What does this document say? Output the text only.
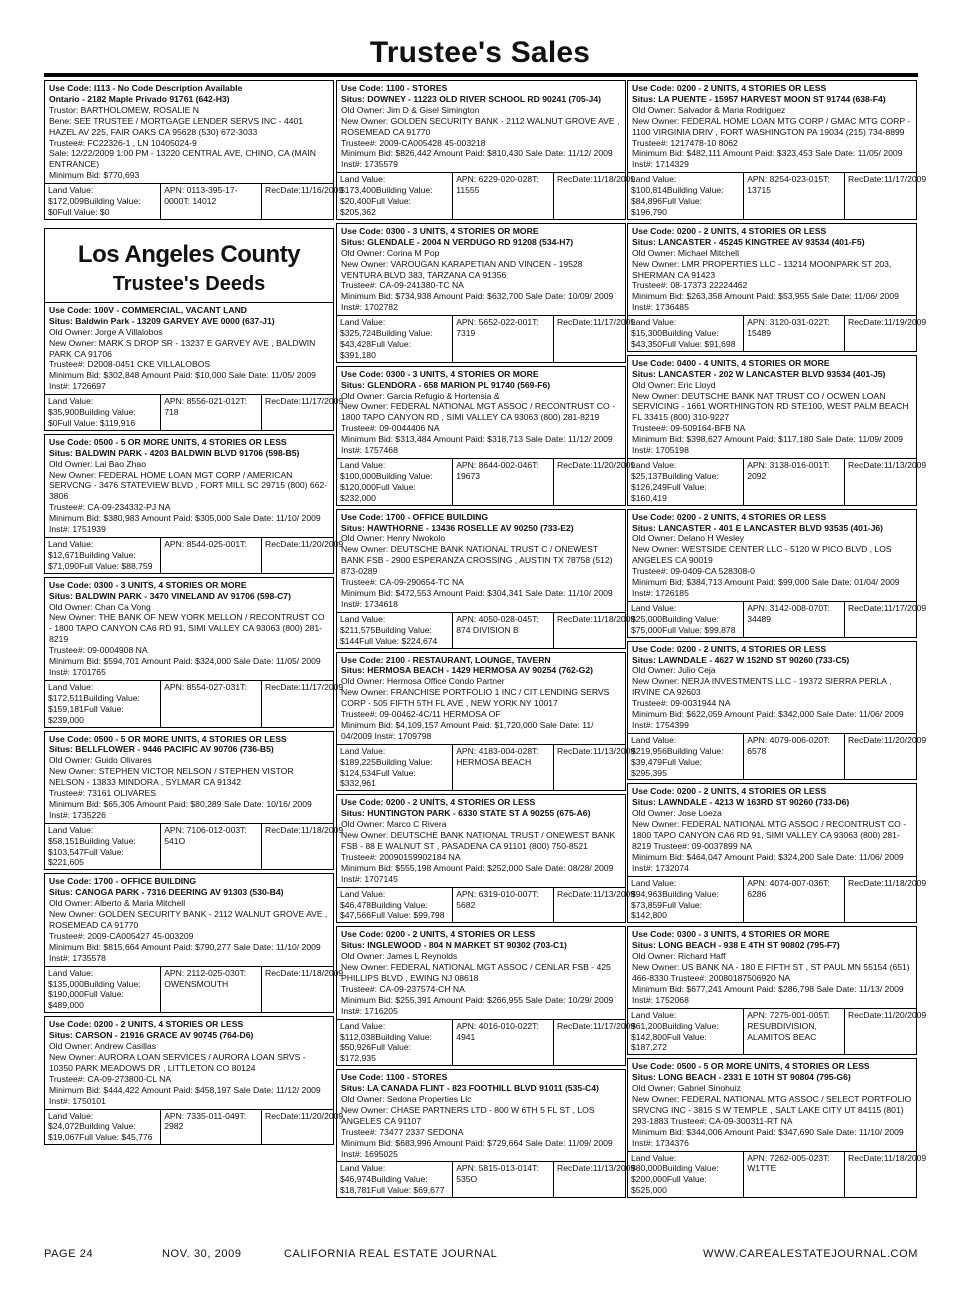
Trustee's Sales
Use Code: I113 - No Code Description Available
Ontario - 2182 Maple Privado 91761 (642-H3)
Trustor: BARTHOLOMEW, ROSALIE N
Bene: SEE TRUSTEE / MORTGAGE LENDER SERVS INC - 4401 HAZEL AV 225, FAIR OAKS CA 95628 (530) 672-3033
Trustee#: FC22326-1 , LN 10405024-9
Sale: 12/22/2009 1:00 PM - 13220 CENTRAL AVE, CHINO, CA (MAIN ENTRANCE)
Minimum Bid: $770,693
Land Value: $172,009Building Value: $0Full Value: $0
APN: 0113-395-17-0000T: 14012
RecDate:11/16/2009
Los Angeles County
Trustee's Deeds
Use Code: 100V - COMMERCIAL, VACANT LAND
Situs: Baldwin Park - 13209 GARVEY AVE 0000 (637-J1)
Old Owner: Jorge A Villalobos
New Owner: MARK S DROP SR - 13237 E GARVEY AVE , BALDWIN PARK CA 91706
Trustee#: D2008-0451 CKE VILLALOBOS
Minimum Bid: $302,848 Amount Paid: $10,000 Sale Date: 11/05/ 2009 Inst#: 1726697
Land Value: $35,900Building Value: $0Full Value: $119,916
APN: 8556-021-012T: 718
RecDate:11/17/2009
Use Code: 0500 - 5 OR MORE UNITS, 4 STORIES OR LESS
Situs: BALDWIN PARK - 4203 BALDWIN BLVD 91706 (598-B5)
Old Owner: Lai Bao Zhao
New Owner: FEDERAL HOME LOAN MGT CORP / AMERICAN SERVCNG - 3476 STATEVIEW BLVD , FORT MILL SC 29715 (800) 662-3806
Trustee#: CA-09-234332-PJ NA
Minimum Bid: $380,983 Amount Paid: $305,000 Sale Date: 11/10/ 2009 Inst#: 1751939
Land Value: $12,671Building Value: $71,090Full Value: $88,759
APN: 8544-025-001T:	RecDate:11/20/2009
Use Code: 0300 - 3 UNITS, 4 STORIES OR MORE
Situs: BALDWIN PARK - 3470 VINELAND AV 91706 (598-C7)
Old Owner: Chan Ca Vong
New Owner: THE BANK OF NEW YORK MELLON / RECONTRUST CO - 1800 TAPO CANYON CA6 RD 91, SIMI VALLEY CA 93063 (800) 281-8219
Trustee#: 09-0004908 NA
Minimum Bid: $594,701 Amount Paid: $324,000 Sale Date: 11/05/ 2009 Inst#: 1701765
Land Value: $172,511Building Value: $159,181Full Value: $239,000
APN: 8554-027-031T:	RecDate:11/17/2009
Use Code: 0500 - 5 OR MORE UNITS, 4 STORIES OR LESS
Situs: BELLFLOWER - 9446 PACIFIC AV 90706 (736-B5)
Old Owner: Guido Olivares
New Owner: STEPHEN VICTOR NELSON / STEPHEN VISTOR NELSON - 13833 MINDORA , SYLMAR CA 91342
Trustee#: 73161 OLIVARES
Minimum Bid: $65,305 Amount Paid: $80,289 Sale Date: 10/16/ 2009 Inst#: 1735226
Land Value: $58,151Building Value: $103,547Full Value: $221,605
APN: 7106-012-003T: 541O
RecDate:11/18/2009
Use Code: 1700 - OFFICE BUILDING
Situs: CANOGA PARK - 7316 DEERING AV 91303 (530-B4)
Old Owner: Alberto & Maria Mitchell
New Owner: GOLDEN SECURITY BANK - 2112 WALNUT GROVE AVE , ROSEMEAD CA 91770
Trustee#: 2009-CA005427 45-003209
Minimum Bid: $815,664 Amount Paid: $790,277 Sale Date: 11/10/ 2009 Inst#: 1735578
Land Value: $135,000Building Value: $190,000Full Value: $489,000
APN: 2112-025-030T: OWENSMOUTH
RecDate:11/18/2009
Use Code: 0200 - 2 UNITS, 4 STORIES OR LESS
Situs: CARSON - 21916 GRACE AV 90745 (764-D6)
Old Owner: Andrew Casillas
New Owner: AURORA LOAN SERVICES / AURORA LOAN SRVS - 10350 PARK MEADOWS DR , LITTLETON CO 80124
Trustee#: CA-09-273800-CL NA
Minimum Bid: $444,422 Amount Paid: $458,197 Sale Date: 11/12/ 2009 Inst#: 1750101
Land Value: $24,072Building Value: $19,067Full Value: $45,776
APN: 7335-011-049T: 2982
RecDate:11/20/2009
Use Code: 1100 - STORES
Situs: DOWNEY - 11223 OLD RIVER SCHOOL RD 90241 (705-J4)
Old Owner: Jim D & Gisel Simington
New Owner: GOLDEN SECURITY BANK - 2112 WALNUT GROVE AVE , ROSEMEAD CA 91770
Trustee#: 2009-CA005428 45-003218
Minimum Bid: $826,442 Amount Paid: $810,430 Sale Date: 11/12/ 2009 Inst#: 1735579
Land Value: $173,400Building Value: $20,400Full Value: $205,362
APN: 6229-020-028T: 11555
RecDate:11/18/2009
Use Code: 0300 - 3 UNITS, 4 STORIES OR MORE
Situs: GLENDALE - 2004 N VERDUGO RD 91208 (534-H7)
Old Owner: Corina M Pop
New Owner: VAROUGAN KARAPETIAN AND VINCEN - 19528 VENTURA BLVD 383, TARZANA CA 91356
Trustee#: CA-09-241380-TC NA
Minimum Bid: $734,938 Amount Paid: $632,700 Sale Date: 10/09/ 2009 Inst#: 1702782
Land Value: $325,724Building Value: $43,428Full Value: $391,180
APN: 5652-022-001T: 7319
RecDate:11/17/2009
Use Code: 0300 - 3 UNITS, 4 STORIES OR MORE
Situs: GLENDORA - 658 MARION PL 91740 (569-F6)
Old Owner: Garcia Refugio & Hortensia &
New Owner: FEDERAL NATIONAL MGT ASSOC / RECONTRUST CO - 1800 TAPO CANYON RD , SIMI VALLEY CA 93063 (800) 281-8219
Trustee#: 09-0044406 NA
Minimum Bid: $313,484 Amount Paid: $318,713 Sale Date: 11/12/ 2009 Inst#: 1757468
Land Value: $100,000Building Value: $120,000Full Value: $232,000
APN: 8644-002-046T: 19673
RecDate:11/20/2009
Use Code: 1700 - OFFICE BUILDING
Situs: HAWTHORNE - 13436 ROSELLE AV 90250 (733-E2)
Old Owner: Henry Nwokolo
New Owner: DEUTSCHE BANK NATIONAL TRUST C / ONEWEST BANK FSB - 2900 ESPERANZA CROSSING , AUSTIN TX 78758 (512) 873-0289
Trustee#: CA-09-290654-TC NA
Minimum Bid: $472,553 Amount Paid: $304,341 Sale Date: 11/10/ 2009 Inst#: 1734618
Land Value: $211,575Building Value: $144Full Value: $224,674
APN: 4050-028-045T: 874 DIVISION B
RecDate:11/18/2009
Use Code: 2100 - RESTAURANT, LOUNGE, TAVERN
Situs: HERMOSA BEACH - 1429 HERMOSA AV 90254 (762-G2)
Old Owner: Hermosa Office Condo Partner
New Owner: FRANCHISE PORTFOLIO 1 INC / CIT LENDING SERVS CORP - 505 FIFTH 5TH FL AVE , NEW YORK NY 10017
Trustee#: 09-00462-4C/11 HERMOSA OF
Minimum Bid: $4,109,157 Amount Paid: $1,720,000 Sale Date: 11/ 04/2009 Inst#: 1709798
Land Value: $189,225Building Value: $124,534Full Value: $332,961
APN: 4183-004-028T: HERMOSA BEACH
RecDate:11/13/2009
Use Code: 0200 - 2 UNITS, 4 STORIES OR LESS
Situs: HUNTINGTON PARK - 6330 STATE ST A 90255 (675-A6)
Old Owner: Marco C Rivera
New Owner: DEUTSCHE BANK NATIONAL TRUST / ONEWEST BANK FSB - 88 E WALNUT ST , PASADENA CA 91101 (800) 750-8521
Trustee#: 20090159902184 NA
Minimum Bid: $555,198 Amount Paid: $252,000 Sale Date: 08/28/ 2009 Inst#: 1707145
Land Value: $46,478Building Value: $47,566Full Value: $99,798
APN: 6319-010-007T: 5682
RecDate:11/13/2009
Use Code: 0200 - 2 UNITS, 4 STORIES OR LESS
Situs: INGLEWOOD - 804 N MARKET ST 90302 (703-C1)
Old Owner: James L Reynolds
New Owner: FEDERAL NATIONAL MGT ASSOC / CENLAR FSB - 425 PHILLIPS BLVD , EWING NJ 08618
Trustee#: CA-09-237574-CH NA
Minimum Bid: $255,391 Amount Paid: $266,955 Sale Date: 10/29/ 2009 Inst#: 1716205
Land Value: $112,038Building Value: $50,926Full Value: $172,935
APN: 4016-010-022T: 4941
RecDate:11/17/2009
Use Code: 1100 - STORES
Situs: LA CANADA FLINT - 823 FOOTHILL BLVD 91011 (535-C4)
Old Owner: Sedona Properties Llc
New Owner: CHASE PARTNERS LTD - 800 W 6TH 5 FL ST , LOS ANGELES CA 91107
Trustee#: 73477 2337 SEDONA
Minimum Bid: $683,996 Amount Paid: $729,664 Sale Date: 11/09/ 2009 Inst#: 1695025
Land Value: $46,974Building Value: $18,781Full Value: $69,677
APN: 5815-013-014T: 535O
RecDate:11/13/2009
Use Code: 0200 - 2 UNITS, 4 STORIES OR LESS
Situs: LA PUENTE - 15957 HARVEST MOON ST 91744 (638-F4)
Old Owner: Salvador & Maria Rodriguez
New Owner: FEDERAL HOME LOAN MTG CORP / GMAC MTG CORP - 1100 VIRGINIA DRIV , FORT WASHINGTON PA 19034 (215) 734-8899
Trustee#: 1217478-10 8062
Minimum Bid: $482,111 Amount Paid: $323,453 Sale Date: 11/05/ 2009 Inst#: 1714329
Land Value: $100,814Building Value: $84,896Full Value: $196,790
APN: 8254-023-015T: 13715
RecDate:11/17/2009
Use Code: 0200 - 2 UNITS, 4 STORIES OR LESS
Situs: LANCASTER - 45245 KINGTREE AV 93534 (401-F5)
Old Owner: Michael Mitchell
New Owner: LMR PROPERTIES LLC - 13214 MOONPARK ST 203, SHERMAN CA 91423
Trustee#: 08-17373 22224462
Minimum Bid: $263,358 Amount Paid: $53,955 Sale Date: 11/06/ 2009 Inst#: 1736485
Land Value: $15,300Building Value: $43,350Full Value: $91,698
APN: 3120-031-022T: 15489
RecDate:11/19/2009
Use Code: 0400 - 4 UNITS, 4 STORIES OR MORE
Situs: LANCASTER - 202 W LANCASTER BLVD 93534 (401-J5)
Old Owner: Eric Lloyd
New Owner: DEUTSCHE BANK NAT TRUST CO / OCWEN LOAN SERVICING - 1661 WORTHINGTON RD STE100, WEST PALM BEACH FL 33415 (800) 310-9227
Trustee#: 09-509164-BFB NA
Minimum Bid: $398,627 Amount Paid: $117,180 Sale Date: 11/09/ 2009 Inst#: 1705198
Land Value: $25,137Building Value: $126,249Full Value: $160,419
APN: 3138-016-001T: 2092
RecDate:11/13/2009
Use Code: 0200 - 2 UNITS, 4 STORIES OR LESS
Situs: LANCASTER - 401 E LANCASTER BLVD 93535 (401-J6)
Old Owner: Delano H Wesley
New Owner: WESTSIDE CENTER LLC - 5120 W PICO BLVD , LOS ANGELES CA 90019
Trustee#: 09-0409-CA 528308-0
Minimum Bid: $384,713 Amount Paid: $99,000 Sale Date: 01/04/ 2009 Inst#: 1726185
Land Value: $25,000Building Value: $75,000Full Value: $99,878
APN: 3142-008-070T: 34489
RecDate:11/17/2009
Use Code: 0200 - 2 UNITS, 4 STORIES OR LESS
Situs: LAWNDALE - 4627 W 152ND ST 90260 (733-C5)
Old Owner: Julio Ceja
New Owner: NERJA INVESTMENTS LLC - 19372 SIERRA PERLA , IRVINE CA 92603
Trustee#: 09-0031944 NA
Minimum Bid: $622,059 Amount Paid: $342,000 Sale Date: 11/06/ 2009 Inst#: 1754399
Land Value: $219,956Building Value: $39,479Full Value: $295,395
APN: 4079-006-020T: 6578
RecDate:11/20/2009
Use Code: 0200 - 2 UNITS, 4 STORIES OR LESS
Situs: LAWNDALE - 4213 W 163RD ST 90260 (733-D6)
Old Owner: Jose Loeza
New Owner: FEDERAL NATIONAL MTG ASSOC / RECONTRUST CO - 1800 TAPO CANYON CA6 RD 91, SIMI VALLEY CA 93063 (800) 281-8219 Trustee#: 09-0037899 NA
Minimum Bid: $464,047 Amount Paid: $324,200 Sale Date: 11/06/ 2009 Inst#: 1732074
Land Value: $94,963Building Value: $73,859Full Value: $142,800
APN: 4074-007-036T: 6286
RecDate:11/18/2009
Use Code: 0300 - 3 UNITS, 4 STORIES OR MORE
Situs: LONG BEACH - 938 E 4TH ST 90802 (795-F7)
Old Owner: Richard Haff
New Owner: US BANK NA - 180 E FIFTH ST , ST PAUL MN 55154 (651) 466-8330 Trustee#: 20080187506920 NA
Minimum Bid: $677,241 Amount Paid: $286,798 Sale Date: 11/13/ 2009 Inst#: 1752068
Land Value: $61,200Building Value: $142,800Full Value: $187,272
APN: 7275-001-005T: RESUBDIVISION, ALAMITOS BEAC
RecDate:11/20/2009
Use Code: 0500 - 5 OR MORE UNITS, 4 STORIES OR LESS
Situs: LONG BEACH - 2331 E 10TH ST 90804 (795-G6)
Old Owner: Gabriel Sinohuiz
New Owner: FEDERAL NATIONAL MTG ASSOC / SELECT PORTFOLIO SRVCNG INC - 3815 S W TEMPLE , SALT LAKE CITY UT 84115 (801) 293-1883 Trustee#: CA-09-300311-RT NA
Minimum Bid: $344,006 Amount Paid: $347,690 Sale Date: 11/10/ 2009 Inst#: 1734376
Land Value: $80,000Building Value: $200,000Full Value: $525,000
APN: 7262-005-023T: W1TTE
RecDate:11/18/2009
PAGE 24	NOV. 30, 2009	CALIFORNIA REAL ESTATE JOURNAL	WWW.CAREALESTATEJOURNAL.COM
